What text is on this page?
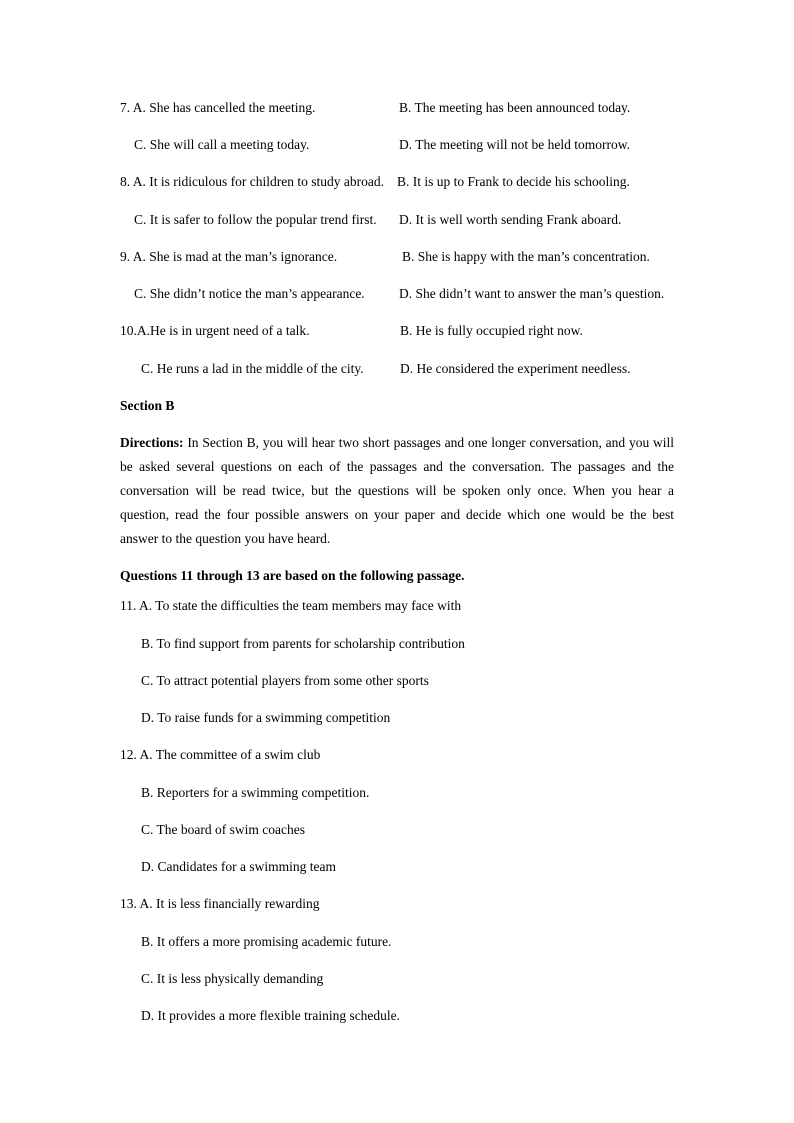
7. A. She has cancelled the meeting.	B. The meeting has been announced today.
C. She will call a meeting today.	D. The meeting will not be held tomorrow.
8. A. It is ridiculous for children to study abroad. B. It is up to Frank to decide his schooling.
C. It is safer to follow the popular trend first. D. It is well worth sending Frank aboard.
9. A. She is mad at the man’s ignorance.	B. She is happy with the man’s concentration.
C. She didn’t notice the man’s appearance.	D. She didn’t want to answer the man’s question.
10.A.He is in urgent need of a talk.	B. He is fully occupied right now.
C. He runs a lad in the middle of the city.	D. He considered the experiment needless.
Section B
Directions: In Section B, you will hear two short passages and one longer conversation, and you will be asked several questions on each of the passages and the conversation. The passages and the conversation will be read twice, but the questions will be spoken only once. When you hear a question, read the four possible answers on your paper and decide which one would be the best answer to the question you have heard.
Questions 11 through 13 are based on the following passage.
11. A. To state the difficulties the team members may face with
B. To find support from parents for scholarship contribution
C. To attract potential players from some other sports
D. To raise funds for a swimming competition
12. A. The committee of a swim club
B. Reporters for a swimming competition.
C. The board of swim coaches
D. Candidates for a swimming team
13. A. It is less financially rewarding
B. It offers a more promising academic future.
C. It is less physically demanding
D. It provides a more flexible training schedule.
